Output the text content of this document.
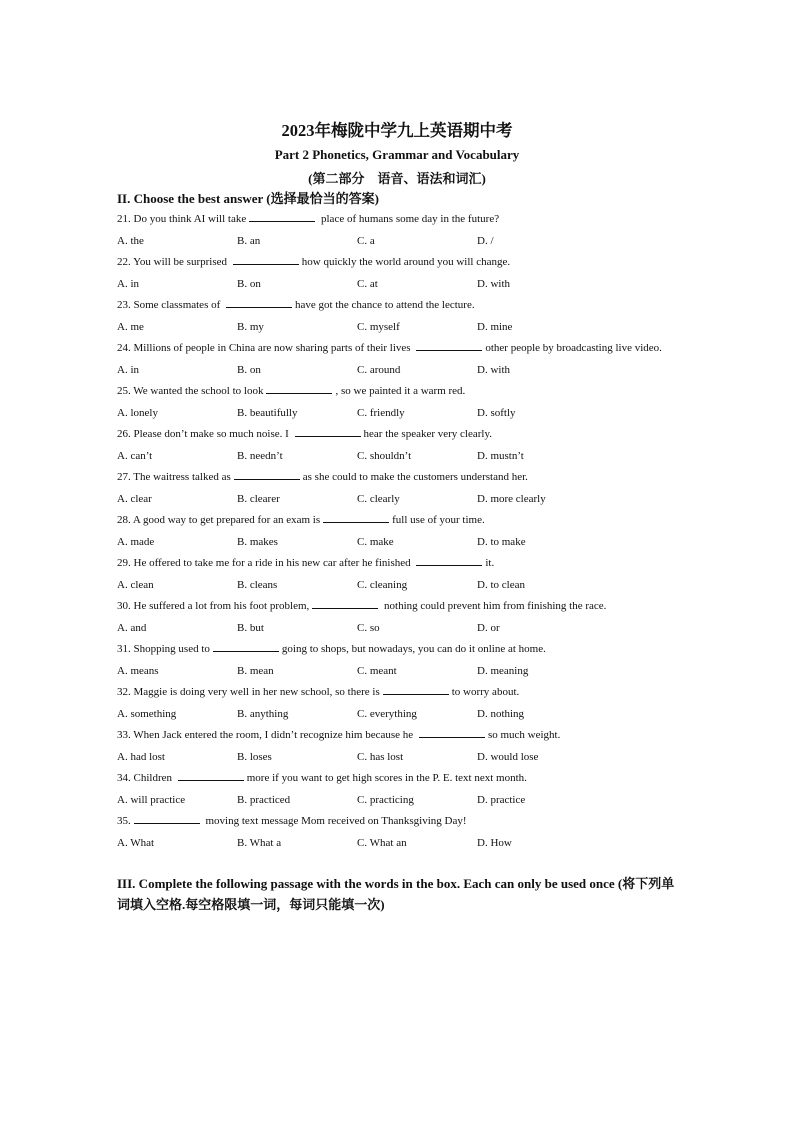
2023年梅陇中学九上英语期中考
Part 2 Phonetics, Grammar and Vocabulary
(第二部分　语音、语法和词汇)
II. Choose the best answer (选择最恰当的答案)
21. Do you think AI will take	place of humans some day in the future?
A. the	B. an	C. a	D. /
22. You will be surprised	how quickly the world around you will change.
A. in	B. on	C. at	D. with
23. Some classmates of	have got the chance to attend the lecture.
A. me	B. my	C. myself	D. mine
24. Millions of people in China are now sharing parts of their lives	other people by broadcasting live video.
A. in	B. on	C. around	D. with
25. We wanted the school to look	, so we painted it a warm red.
A. lonely	B. beautifully	C. friendly	D. softly
26. Please don’t make so much noise. I	hear the speaker very clearly.
A. can’t	B. needn’t	C. shouldn’t	D. mustn’t
27. The waitress talked as	as she could to make the customers understand her.
A. clear	B. clearer	C. clearly	D. more clearly
28. A good way to get prepared for an exam is	full use of your time.
A. made	B. makes	C. make	D. to make
29. He offered to take me for a ride in his new car after he finished	it.
A. clean	B. cleans	C. cleaning	D. to clean
30. He suffered a lot from his foot problem,	nothing could prevent him from finishing the race.
A. and	B. but	C. so	D. or
31. Shopping used to	going to shops, but nowadays, you can do it online at home.
A. means	B. mean	C. meant	D. meaning
32. Maggie is doing very well in her new school, so there is	to worry about.
A. something	B. anything	C. everything	D. nothing
33. When Jack entered the room, I didn’t recognize him because he	so much weight.
A. had lost	B. loses	C. has lost	D. would lose
34. Children	more if you want to get high scores in the P. E. text next month.
A. will practice	B. practiced	C. practicing	D. practice
35.	moving text message Mom received on Thanksgiving Day!
A. What	B. What a	C. What an	D. How
III. Complete the following passage with the words in the box. Each can only be used once (将下列单词填入空格.每空格限填一词，每词只能填一次)
